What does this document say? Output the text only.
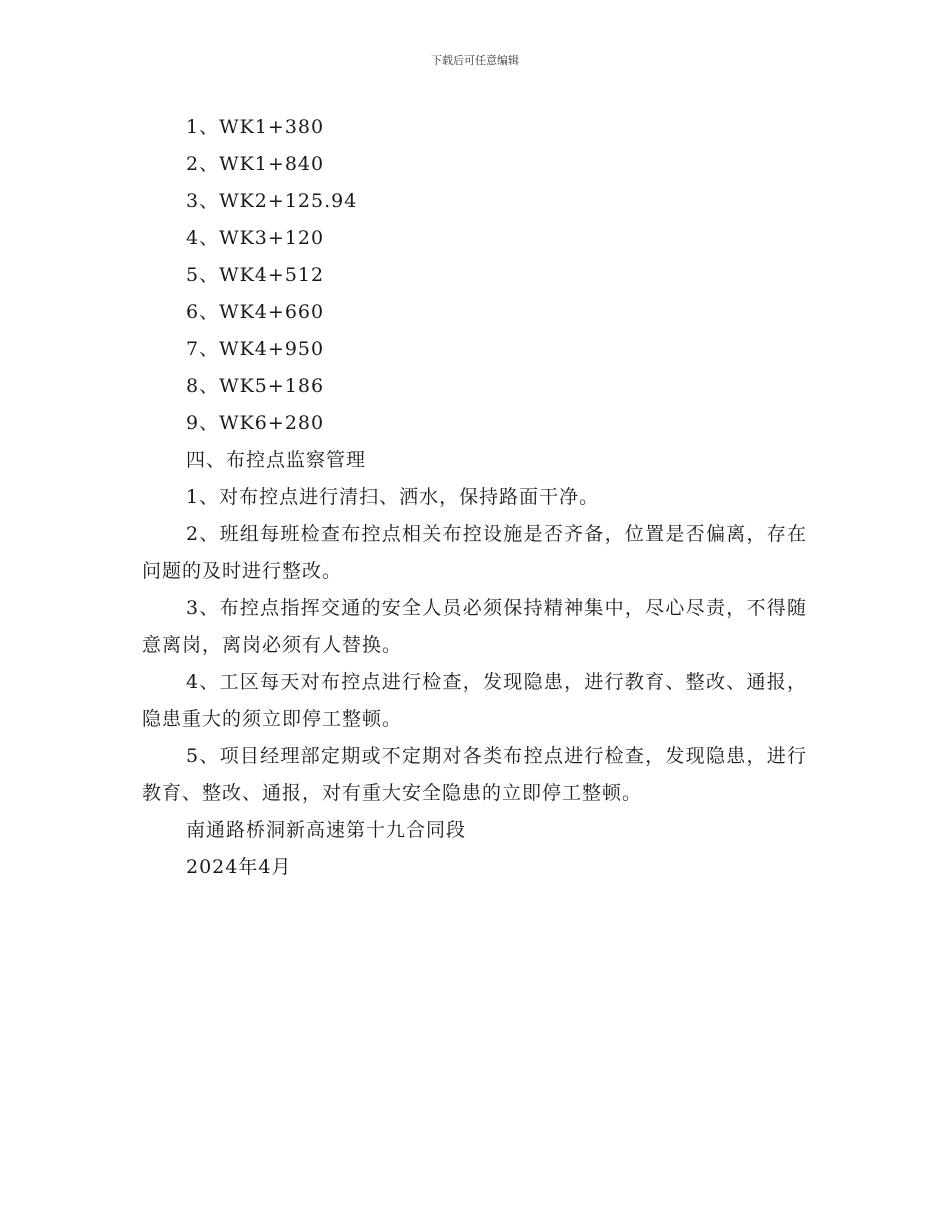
下载后可任意编辑

1、WK1+380

2、WK1+840

3、WK2+125.94

4、WK3+120

5、WK4+512

6、WK4+660

7、WK4+950

8、WK5+186

9、WK6+280

四、布控点监察管理

1、对布控点进行清扫、洒水，保持路面干净。

2、班组每班检查布控点相关布控设施是否齐备，位置是否偏离，存在问题的及时进行整改。

3、布控点指挥交通的安全人员必须保持精神集中，尽心尽责，不得随意离岗，离岗必须有人替换。

4、工区每天对布控点进行检查，发现隐患，进行教育、整改、通报，隐患重大的须立即停工整顿。

5、项目经理部定期或不定期对各类布控点进行检查，发现隐患，进行教育、整改、通报，对有重大安全隐患的立即停工整顿。

南通路桥洞新高速第十九合同段

2024年4月
